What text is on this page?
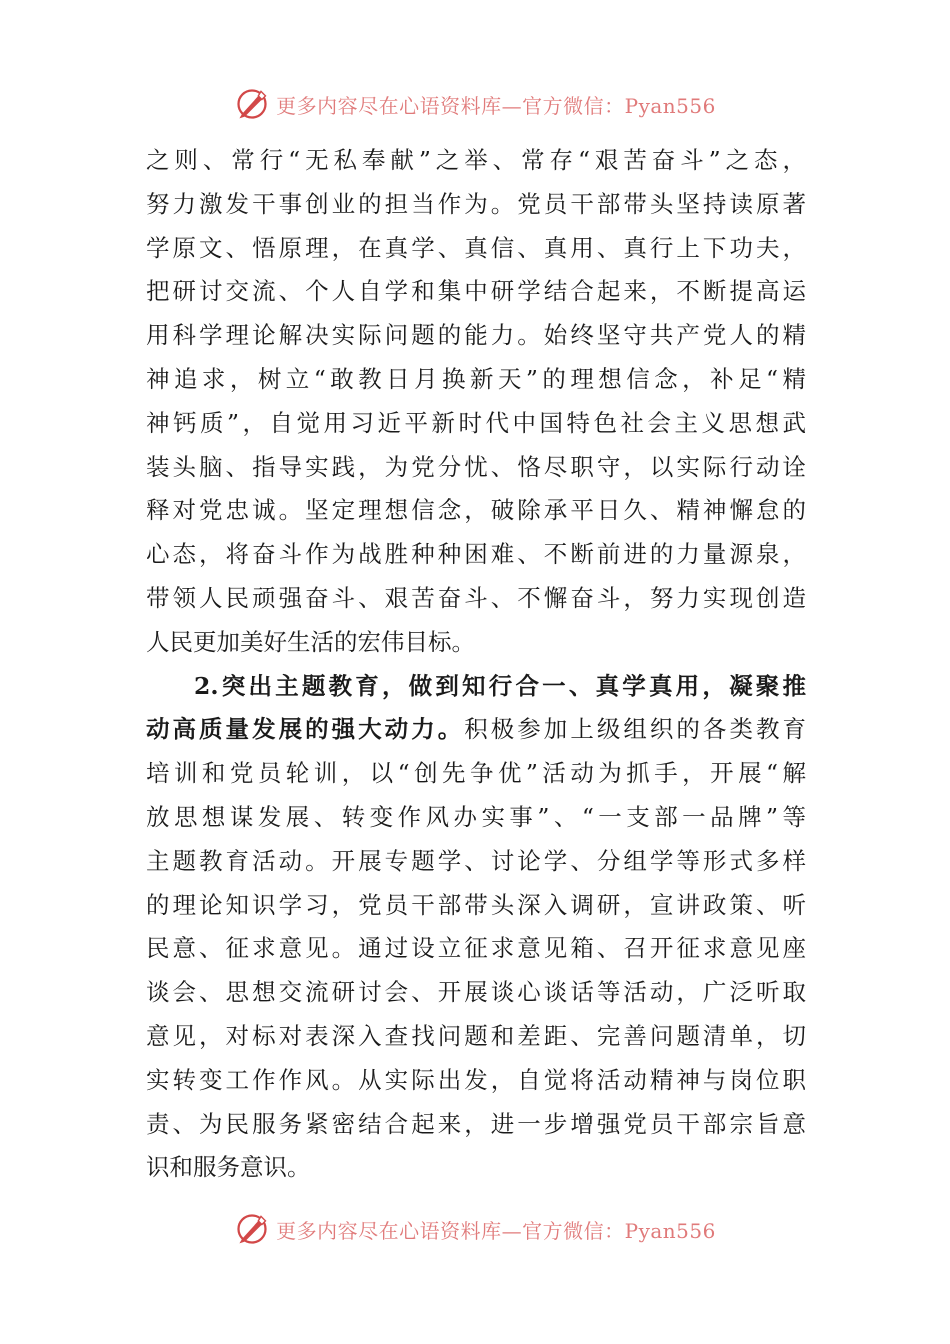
更多内容尽在心语资料库—官方微信：Pyan556
之则、常行“无私奉献”之举、常存“艰苦奋斗”之态，
努力激发干事创业的担当作为。党员干部带头坚持读原著
学原文、悟原理，在真学、真信、真用、真行上下功夫，
把研讨交流、个人自学和集中研学结合起来，不断提高运
用科学理论解决实际问题的能力。始终坚守共产党人的精
神追求，树立“敢教日月换新天”的理想信念，补足“精
神钙质”，自觉用习近平新时代中国特色社会主义思想武
装头脑、指导实践，为党分忧、恪尽职守，以实际行动诠
释对党忠诚。坚定理想信念，破除承平日久、精神懈怠的
心态，将奋斗作为战胜种种困难、不断前进的力量源泉，
带领人民顽强奋斗、艰苦奋斗、不懈奋斗，努力实现创造
人民更加美好生活的宏伟目标。
2.突出主题教育，做到知行合一、真学真用，凝聚推
动高质量发展的强大动力。积极参加上级组织的各类教育
培训和党员轮训，以“创先争优”活动为抓手，开展“解
放思想谋发展、转变作风办实事”、“一支部一品牌”等
主题教育活动。开展专题学、讨论学、分组学等形式多样
的理论知识学习，党员干部带头深入调研，宣讲政策、听
民意、征求意见。通过设立征求意见箱、召开征求意见座
谈会、思想交流研讨会、开展谈心谈话等活动，广泛听取
意见，对标对表深入查找问题和差距、完善问题清单，切
实转变工作作风。从实际出发，自觉将活动精神与岗位职
责、为民服务紧密结合起来，进一步增强党员干部宗旨意
识和服务意识。
更多内容尽在心语资料库—官方微信：Pyan556
